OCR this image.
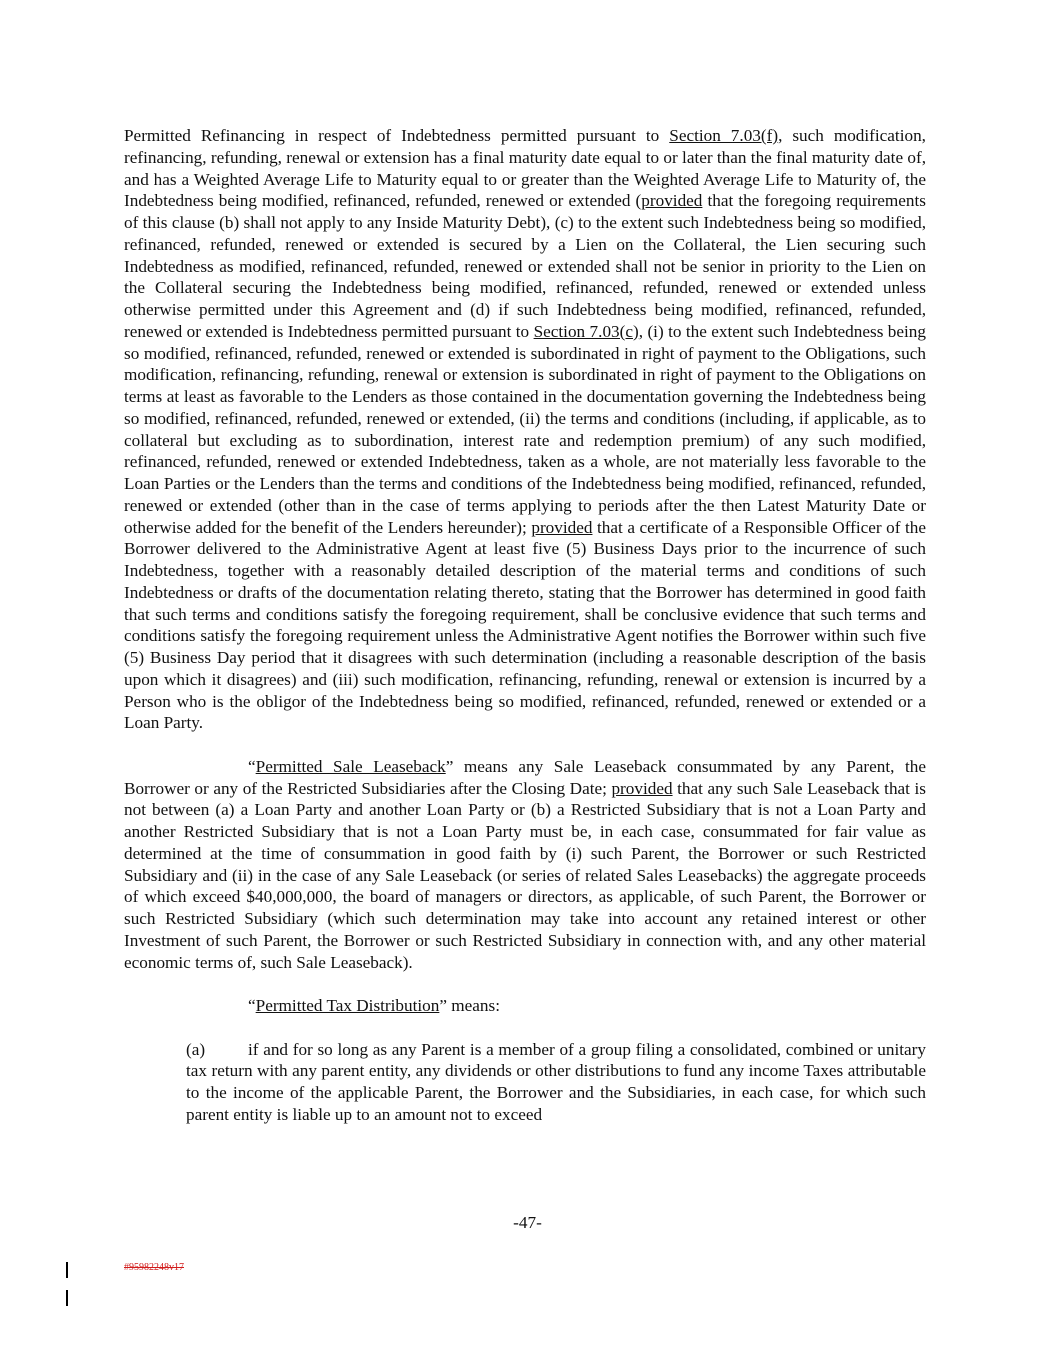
Permitted Refinancing in respect of Indebtedness permitted pursuant to Section 7.03(f), such modification, refinancing, refunding, renewal or extension has a final maturity date equal to or later than the final maturity date of, and has a Weighted Average Life to Maturity equal to or greater than the Weighted Average Life to Maturity of, the Indebtedness being modified, refinanced, refunded, renewed or extended (provided that the foregoing requirements of this clause (b) shall not apply to any Inside Maturity Debt), (c) to the extent such Indebtedness being so modified, refinanced, refunded, renewed or extended is secured by a Lien on the Collateral, the Lien securing such Indebtedness as modified, refinanced, refunded, renewed or extended shall not be senior in priority to the Lien on the Collateral securing the Indebtedness being modified, refinanced, refunded, renewed or extended unless otherwise permitted under this Agreement and (d) if such Indebtedness being modified, refinanced, refunded, renewed or extended is Indebtedness permitted pursuant to Section 7.03(c), (i) to the extent such Indebtedness being so modified, refinanced, refunded, renewed or extended is subordinated in right of payment to the Obligations, such modification, refinancing, refunding, renewal or extension is subordinated in right of payment to the Obligations on terms at least as favorable to the Lenders as those contained in the documentation governing the Indebtedness being so modified, refinanced, refunded, renewed or extended, (ii) the terms and conditions (including, if applicable, as to collateral but excluding as to subordination, interest rate and redemption premium) of any such modified, refinanced, refunded, renewed or extended Indebtedness, taken as a whole, are not materially less favorable to the Loan Parties or the Lenders than the terms and conditions of the Indebtedness being modified, refinanced, refunded, renewed or extended (other than in the case of terms applying to periods after the then Latest Maturity Date or otherwise added for the benefit of the Lenders hereunder); provided that a certificate of a Responsible Officer of the Borrower delivered to the Administrative Agent at least five (5) Business Days prior to the incurrence of such Indebtedness, together with a reasonably detailed description of the material terms and conditions of such Indebtedness or drafts of the documentation relating thereto, stating that the Borrower has determined in good faith that such terms and conditions satisfy the foregoing requirement, shall be conclusive evidence that such terms and conditions satisfy the foregoing requirement unless the Administrative Agent notifies the Borrower within such five (5) Business Day period that it disagrees with such determination (including a reasonable description of the basis upon which it disagrees) and (iii) such modification, refinancing, refunding, renewal or extension is incurred by a Person who is the obligor of the Indebtedness being so modified, refinanced, refunded, renewed or extended or a Loan Party.

“Permitted Sale Leaseback” means any Sale Leaseback consummated by any Parent, the Borrower or any of the Restricted Subsidiaries after the Closing Date; provided that any such Sale Leaseback that is not between (a) a Loan Party and another Loan Party or (b) a Restricted Subsidiary that is not a Loan Party and another Restricted Subsidiary that is not a Loan Party must be, in each case, consummated for fair value as determined at the time of consummation in good faith by (i) such Parent, the Borrower or such Restricted Subsidiary and (ii) in the case of any Sale Leaseback (or series of related Sales Leasebacks) the aggregate proceeds of which exceed $40,000,000, the board of managers or directors, as applicable, of such Parent, the Borrower or such Restricted Subsidiary (which such determination may take into account any retained interest or other Investment of such Parent, the Borrower or such Restricted Subsidiary in connection with, and any other material economic terms of, such Sale Leaseback).

“Permitted Tax Distribution” means:

(a) if and for so long as any Parent is a member of a group filing a consolidated, combined or unitary tax return with any parent entity, any dividends or other distributions to fund any income Taxes attributable to the income of the applicable Parent, the Borrower and the Subsidiaries, in each case, for which such parent entity is liable up to an amount not to exceed

-47-
#95982248v17
